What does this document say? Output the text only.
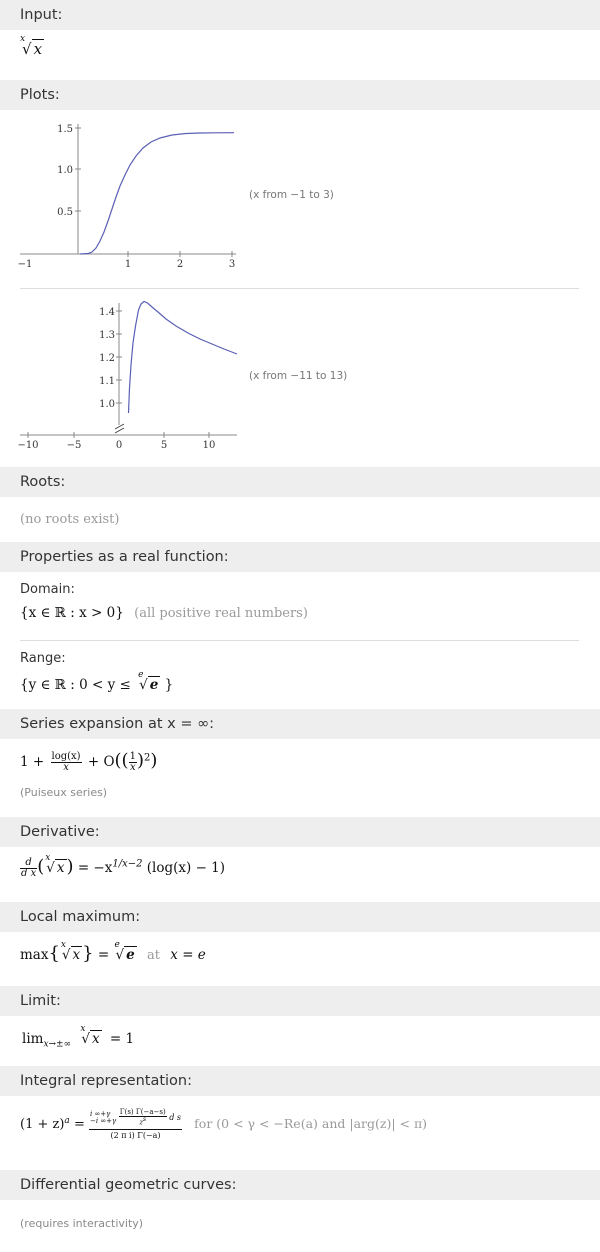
Input:
x
√ x
Plots:
−1	1	2	3
0.5
1.0
1.5
(x from −1 to 3)
−10	−5	0	5	10
1.0
1.1
1.2
1.3
1.4
(x from −11 to 13)
Roots:
(no roots exist)
Properties as a real function:
Domain:
{x ∈ ℝ : x > 0} (all positive real numbers)
Range:
{y ∈ ℝ : 0 < y ≤
e
√ e }
Series expansion at x = ∞:
$1 + \frac{\log(x)}{x} + O(( \frac{1}{x} )^2)$
(Puiseux series)
Derivative:
$\frac{d}{\text{d x}}$ ( x
√ x ) = $-x^{1/x-2}$ (log(x) − 1)
Local maximum:
max{ x
√ x } =
e
√ e at x = e
Limit:
$\lim_{x\to\pm\infty}$
x
√ x = 1
Integral representation:
$(1 + z)^a$ =
i ∞+γ
−i ∞+γ
$\frac{\Gamma(s) \Gamma(-a-s)}{z^s}$ d s
(2 π i) Γ(−a)
for (0 < γ < −Re(a) and |arg(z)| < π)
Differential geometric curves:
(requires interactivity)
